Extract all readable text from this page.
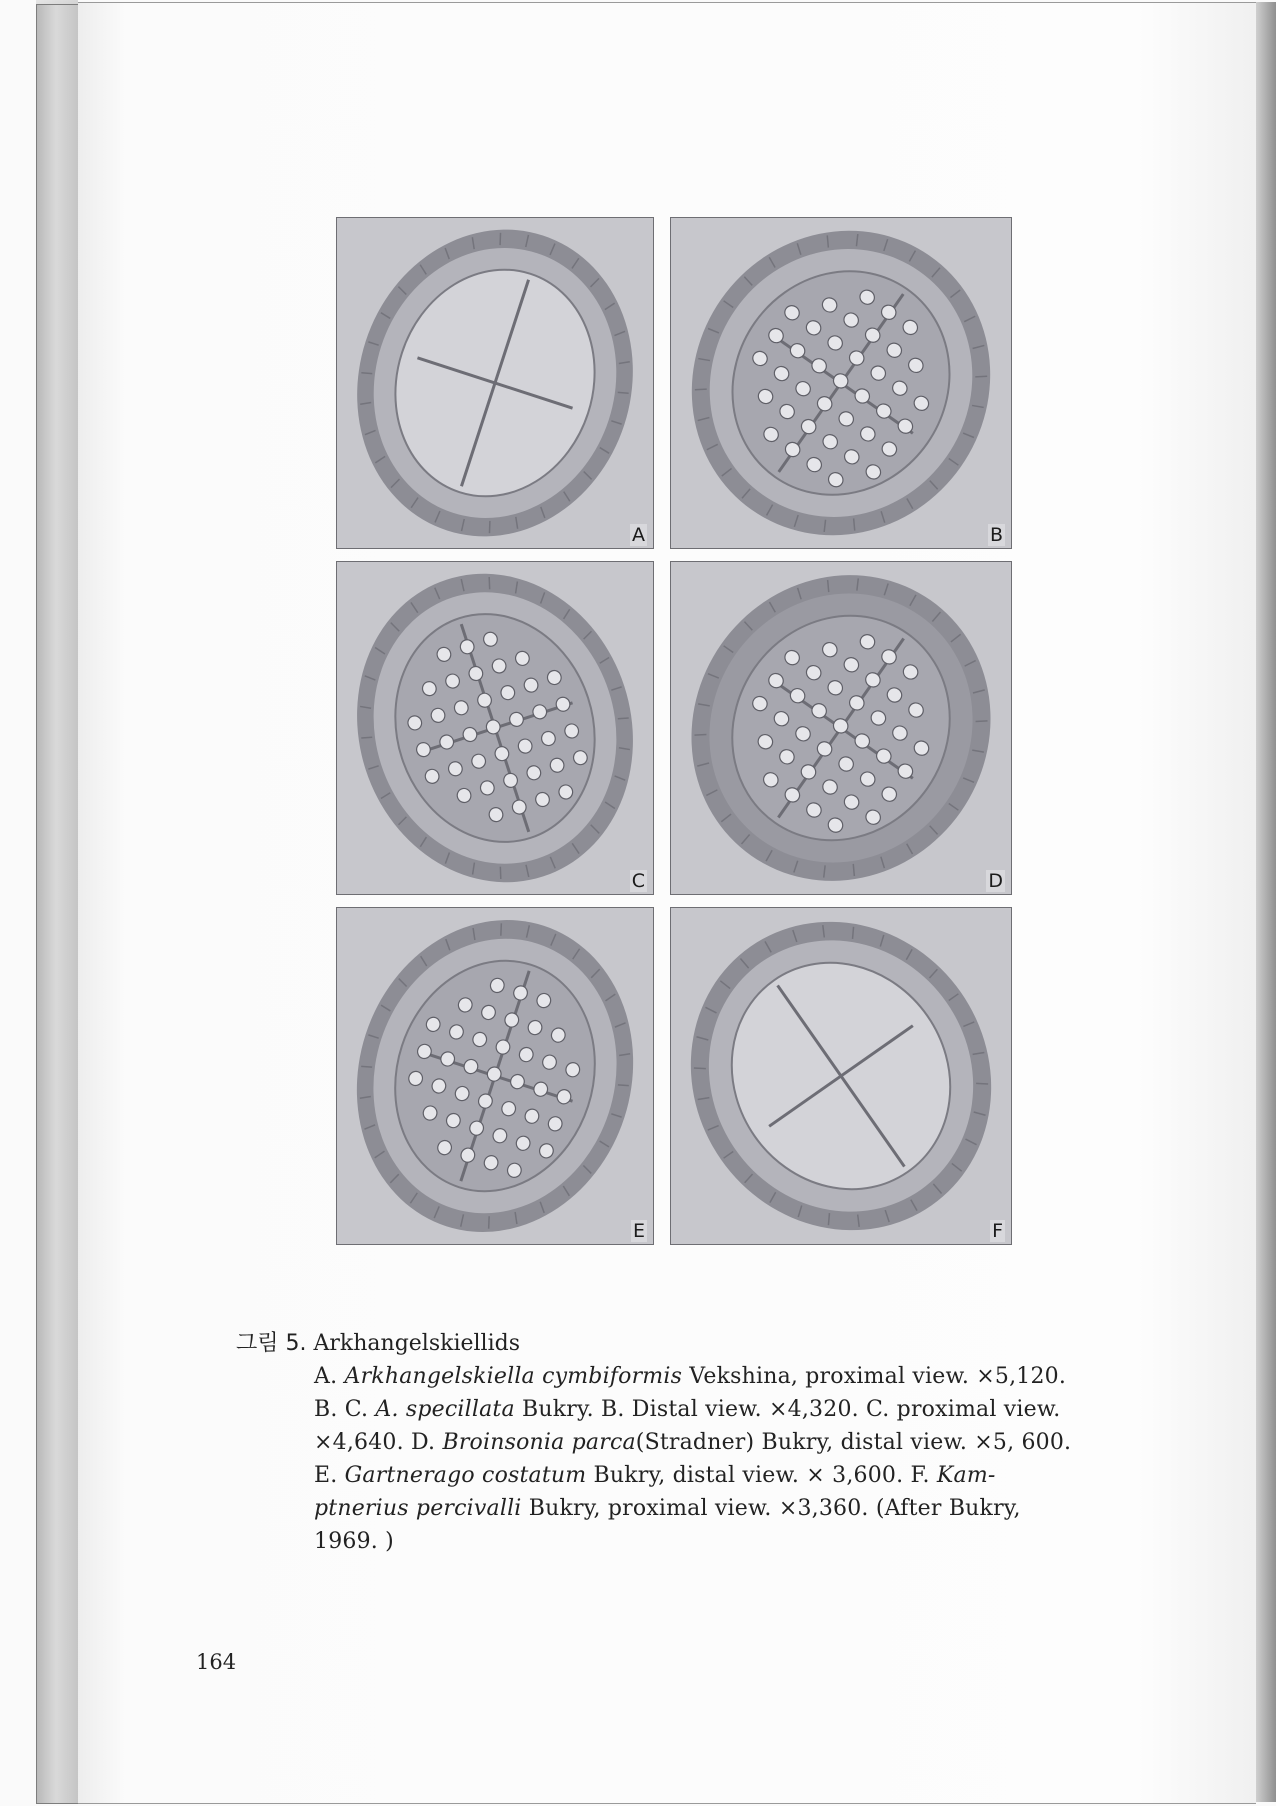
A	B
C	D
E	F
그림 5. Arkhangelskiellids
A. Arkhangelskiella cymbiformis Vekshina, proximal view. ×5,120.
B. C. A. specillata Bukry. B. Distal view. ×4,320. C. proximal view.
×4,640. D. Broinsonia parca(Stradner) Bukry, distal view. ×5, 600.
E. Gartnerago costatum Bukry, distal view. × 3,600. F. Kam-
ptnerius percivalli Bukry, proximal view. ×3,360. (After Bukry,
1969. )
164
